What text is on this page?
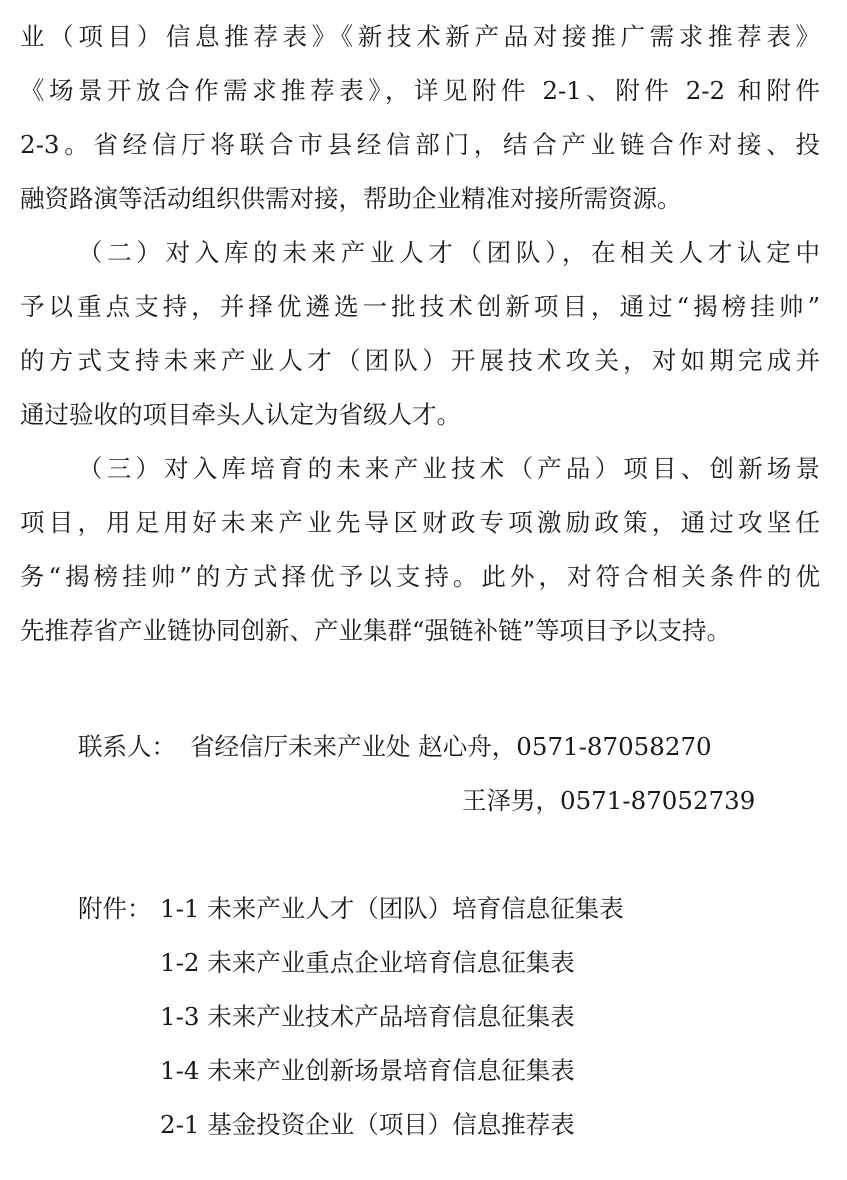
业（项目）信息推荐表》《新技术新产品对接推广需求推荐表》
《场景开放合作需求推荐表》，详见附件 2-1、附件 2-2 和附件
2-3。省经信厅将联合市县经信部门，结合产业链合作对接、投
融资路演等活动组织供需对接，帮助企业精准对接所需资源。
（二）对入库的未来产业人才（团队），在相关人才认定中
予以重点支持，并择优遴选一批技术创新项目，通过“揭榜挂帅”
的方式支持未来产业人才（团队）开展技术攻关，对如期完成并
通过验收的项目牵头人认定为省级人才。
（三）对入库培育的未来产业技术（产品）项目、创新场景
项目，用足用好未来产业先导区财政专项激励政策，通过攻坚任
务“揭榜挂帅”的方式择优予以支持。此外，对符合相关条件的优
先推荐省产业链协同创新、产业集群“强链补链”等项目予以支持。
联系人： 省经信厅未来产业处 赵心舟，0571-87058270
王泽男，0571-87052739
附件： 1-1 未来产业人才（团队）培育信息征集表
1-2 未来产业重点企业培育信息征集表
1-3 未来产业技术产品培育信息征集表
1-4 未来产业创新场景培育信息征集表
2-1 基金投资企业（项目）信息推荐表
